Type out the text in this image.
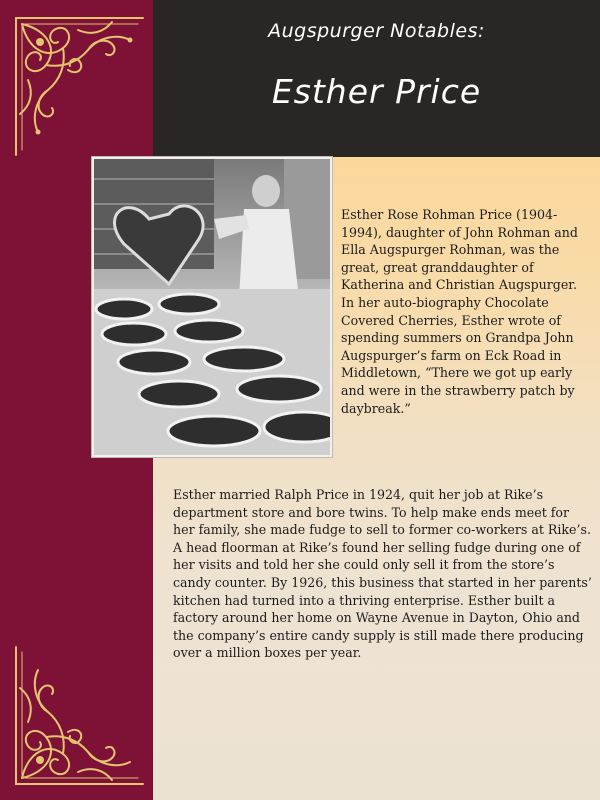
Augspurger Notables:
Esther Price

Esther Rose Rohman Price (1904-1994), daughter of John Rohman and Ella Augspurger Rohman, was the great, great granddaughter of Katherina and Christian Augspurger. In her auto-biography Chocolate Covered Cherries, Esther wrote of spending summers on Grandpa John Augspurger’s farm on Eck Road in Middletown, “There we got up early and were in the strawberry patch by daybreak.”

Esther married Ralph Price in 1924, quit her job at Rike’s department store and bore twins. To help make ends meet for her family, she made fudge to sell to former co-workers at Rike’s. A head floorman at Rike’s found her selling fudge during one of her visits and told her she could only sell it from the store’s candy counter. By 1926, this business that started in her parents’ kitchen had turned into a thriving enterprise. Esther built a factory around her home on Wayne Avenue in Dayton, Ohio and the company’s entire candy supply is still made there producing over a million boxes per year.
